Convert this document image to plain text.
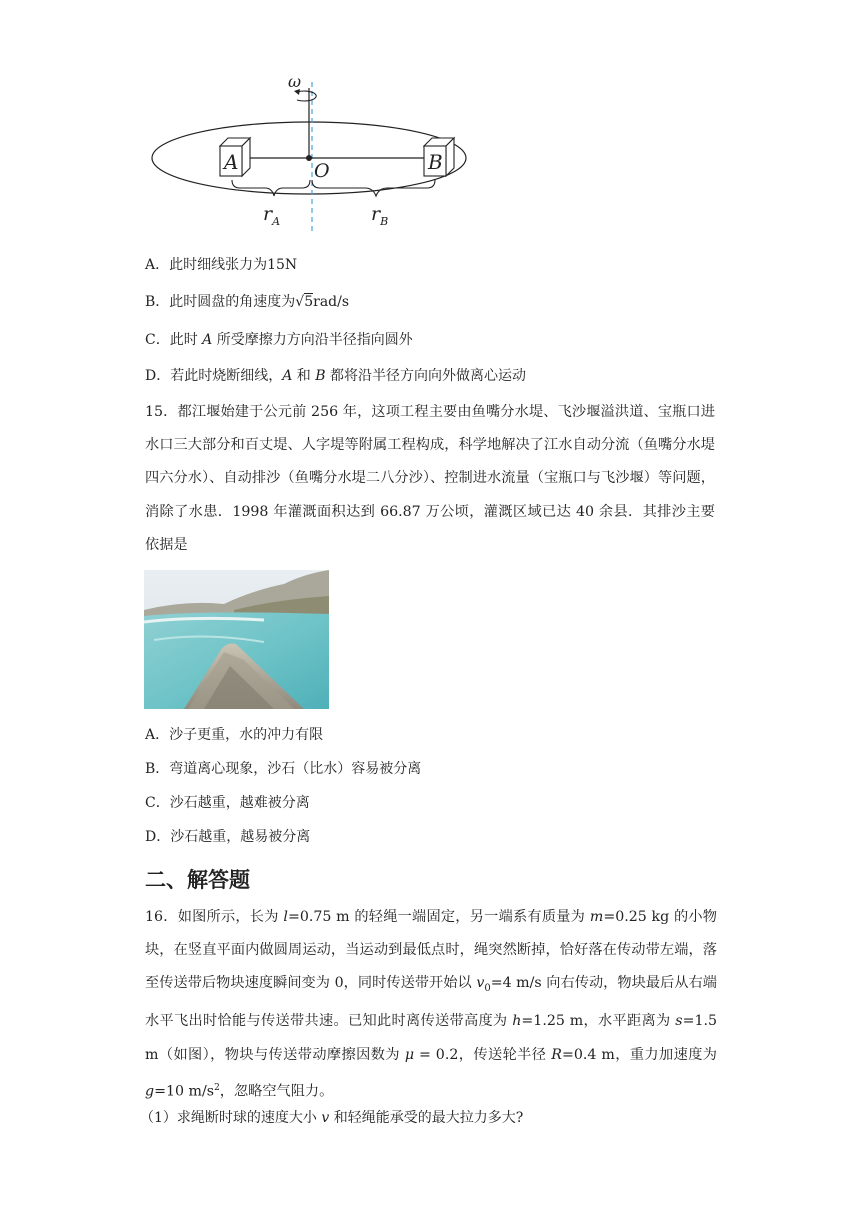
ω
A	B
O
$r_A$	$r_B$
A．此时细线张力为15N
B．此时圆盘的角速度为√5rad/s
C．此时 A 所受摩擦力方向沿半径指向圆外
D．若此时烧断细线，A 和 B 都将沿半径方向向外做离心运动
15．都江堰始建于公元前 256 年，这项工程主要由鱼嘴分水堤、飞沙堰溢洪道、宝瓶口进水口三大部分和百丈堤、人字堤等附属工程构成，科学地解决了江水自动分流（鱼嘴分水堤四六分水）、自动排沙（鱼嘴分水堤二八分沙）、控制进水流量（宝瓶口与飞沙堰）等问题，消除了水患．1998 年灌溉面积达到 66.87 万公顷，灌溉区域已达 40 余县．其排沙主要依据是
A．沙子更重，水的冲力有限
B．弯道离心现象，沙石（比水）容易被分离
C．沙石越重，越难被分离
D．沙石越重，越易被分离
二、解答题
16．如图所示，长为 l=0.75 m 的轻绳一端固定，另一端系有质量为 m=0.25 kg 的小物块，在竖直平面内做圆周运动，当运动到最低点时，绳突然断掉，恰好落在传动带左端，落至传送带后物块速度瞬间变为 0，同时传送带开始以 $v_0=4$ m/s 向右传动，物块最后从右端水平飞出时恰能与传送带共速。已知此时离传送带高度为 h=1.25 m，水平距离为 s=1.5 m（如图），物块与传送带动摩擦因数为 μ = 0.2，传送轮半径 R=0.4 m，重力加速度为 g=10 $m/s^2$，忽略空气阻力。
（1）求绳断时球的速度大小 v 和轻绳能承受的最大拉力多大?
